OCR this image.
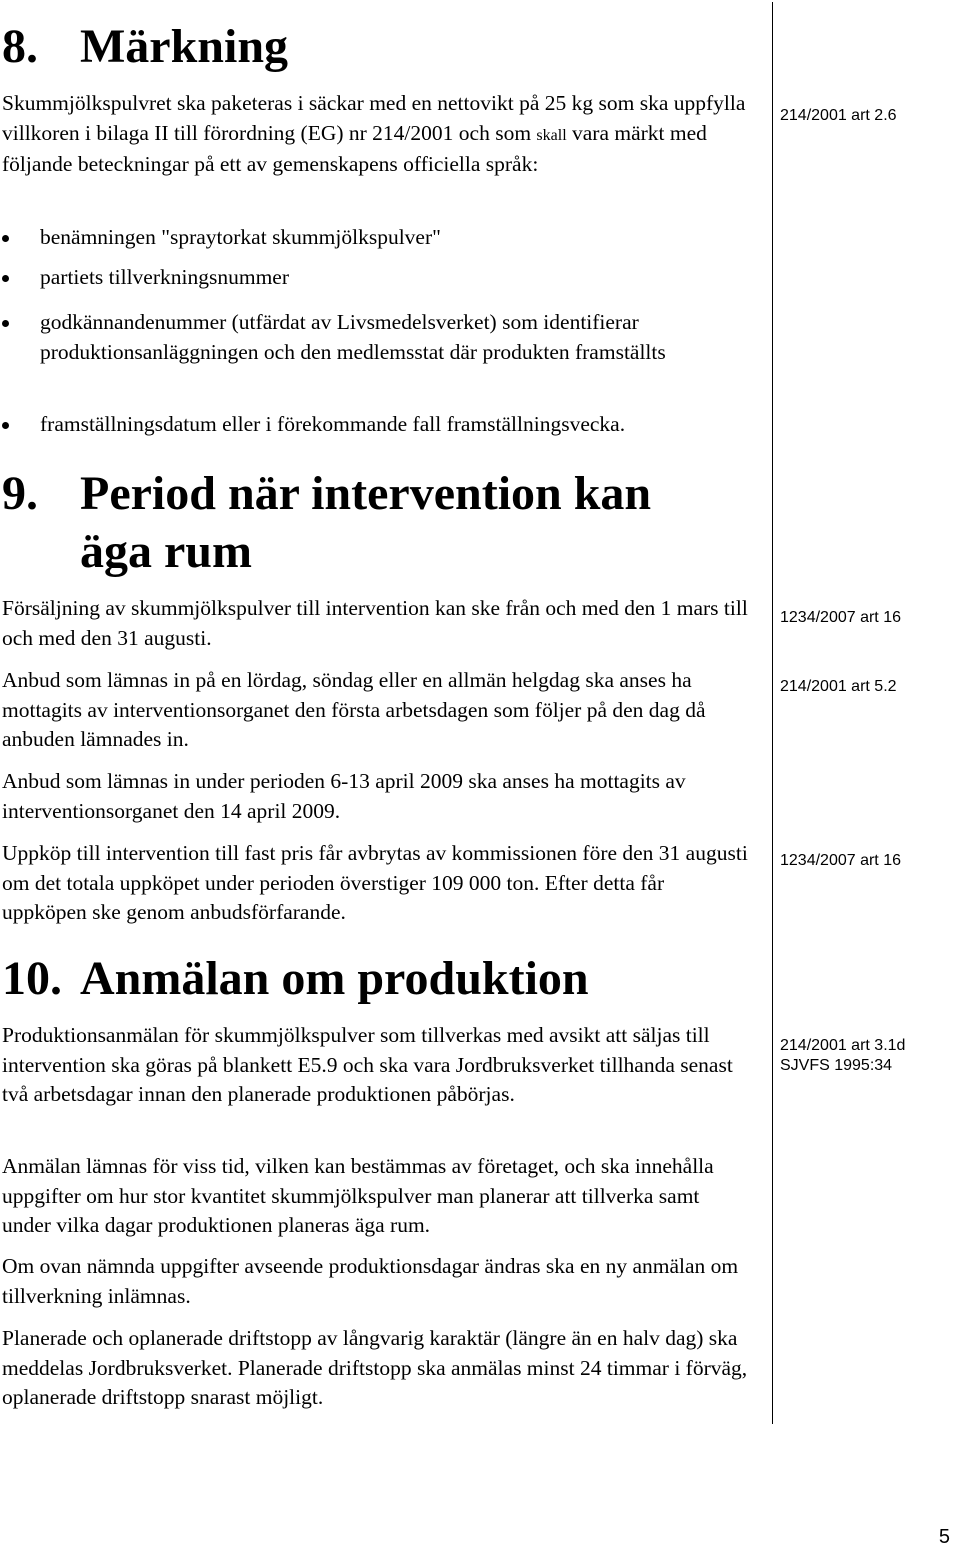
8. Märkning

Skummjölkspulvret ska paketeras i säckar med en nettovikt på 25 kg som ska uppfylla villkoren i bilaga II till förordning (EG) nr 214/2001 och som skall vara märkt med följande beteckningar på ett av gemenskapens officiella språk:

214/2001 art 2.6
benämningen "spraytorkat skummjölkspulver"
partiets tillverkningsnummer
godkännandenummer (utfärdat av Livsmedelsverket) som identifierar produktionsanläggningen och den medlemsstat där produkten framställts
framställningsdatum eller i förekommande fall framställningsvecka.
9. Period när intervention kan
äga rum

Försäljning av skummjölkspulver till intervention kan ske från och med den 1 mars till och med den 31 augusti.

Anbud som lämnas in på en lördag, söndag eller en allmän helgdag ska anses ha mottagits av interventionsorganet den första arbetsdagen som följer på den dag då anbuden lämnades in.

Anbud som lämnas in under perioden 6-13 april 2009 ska anses ha mottagits av interventionsorganet den 14 april 2009.

Uppköp till intervention till fast pris får avbrytas av kommissionen före den 31 augusti om det totala uppköpet under perioden överstiger 109 000 ton. Efter detta får uppköpen ske genom anbudsförfarande.

1234/2007 art 16
214/2001 art 5.2
1234/2007 art 16
10. Anmälan om produktion

Produktionsanmälan för skummjölkspulver som tillverkas med avsikt att säljas till intervention ska göras på blankett E5.9 och ska vara Jordbruksverket tillhanda senast två arbetsdagar innan den planerade produktionen påbörjas.

Anmälan lämnas för viss tid, vilken kan bestämmas av företaget, och ska innehålla uppgifter om hur stor kvantitet skummjölkspulver man planerar att tillverka samt under vilka dagar produktionen planeras äga rum.

Om ovan nämnda uppgifter avseende produktionsdagar ändras ska en ny anmälan om tillverkning inlämnas.

Planerade och oplanerade driftstopp av långvarig karaktär (längre än en halv dag) ska meddelas Jordbruksverket. Planerade driftstopp ska anmälas minst 24 timmar i förväg, oplanerade driftstopp snarast möjligt.

214/2001 art 3.1d
SJVFS 1995:34
5
